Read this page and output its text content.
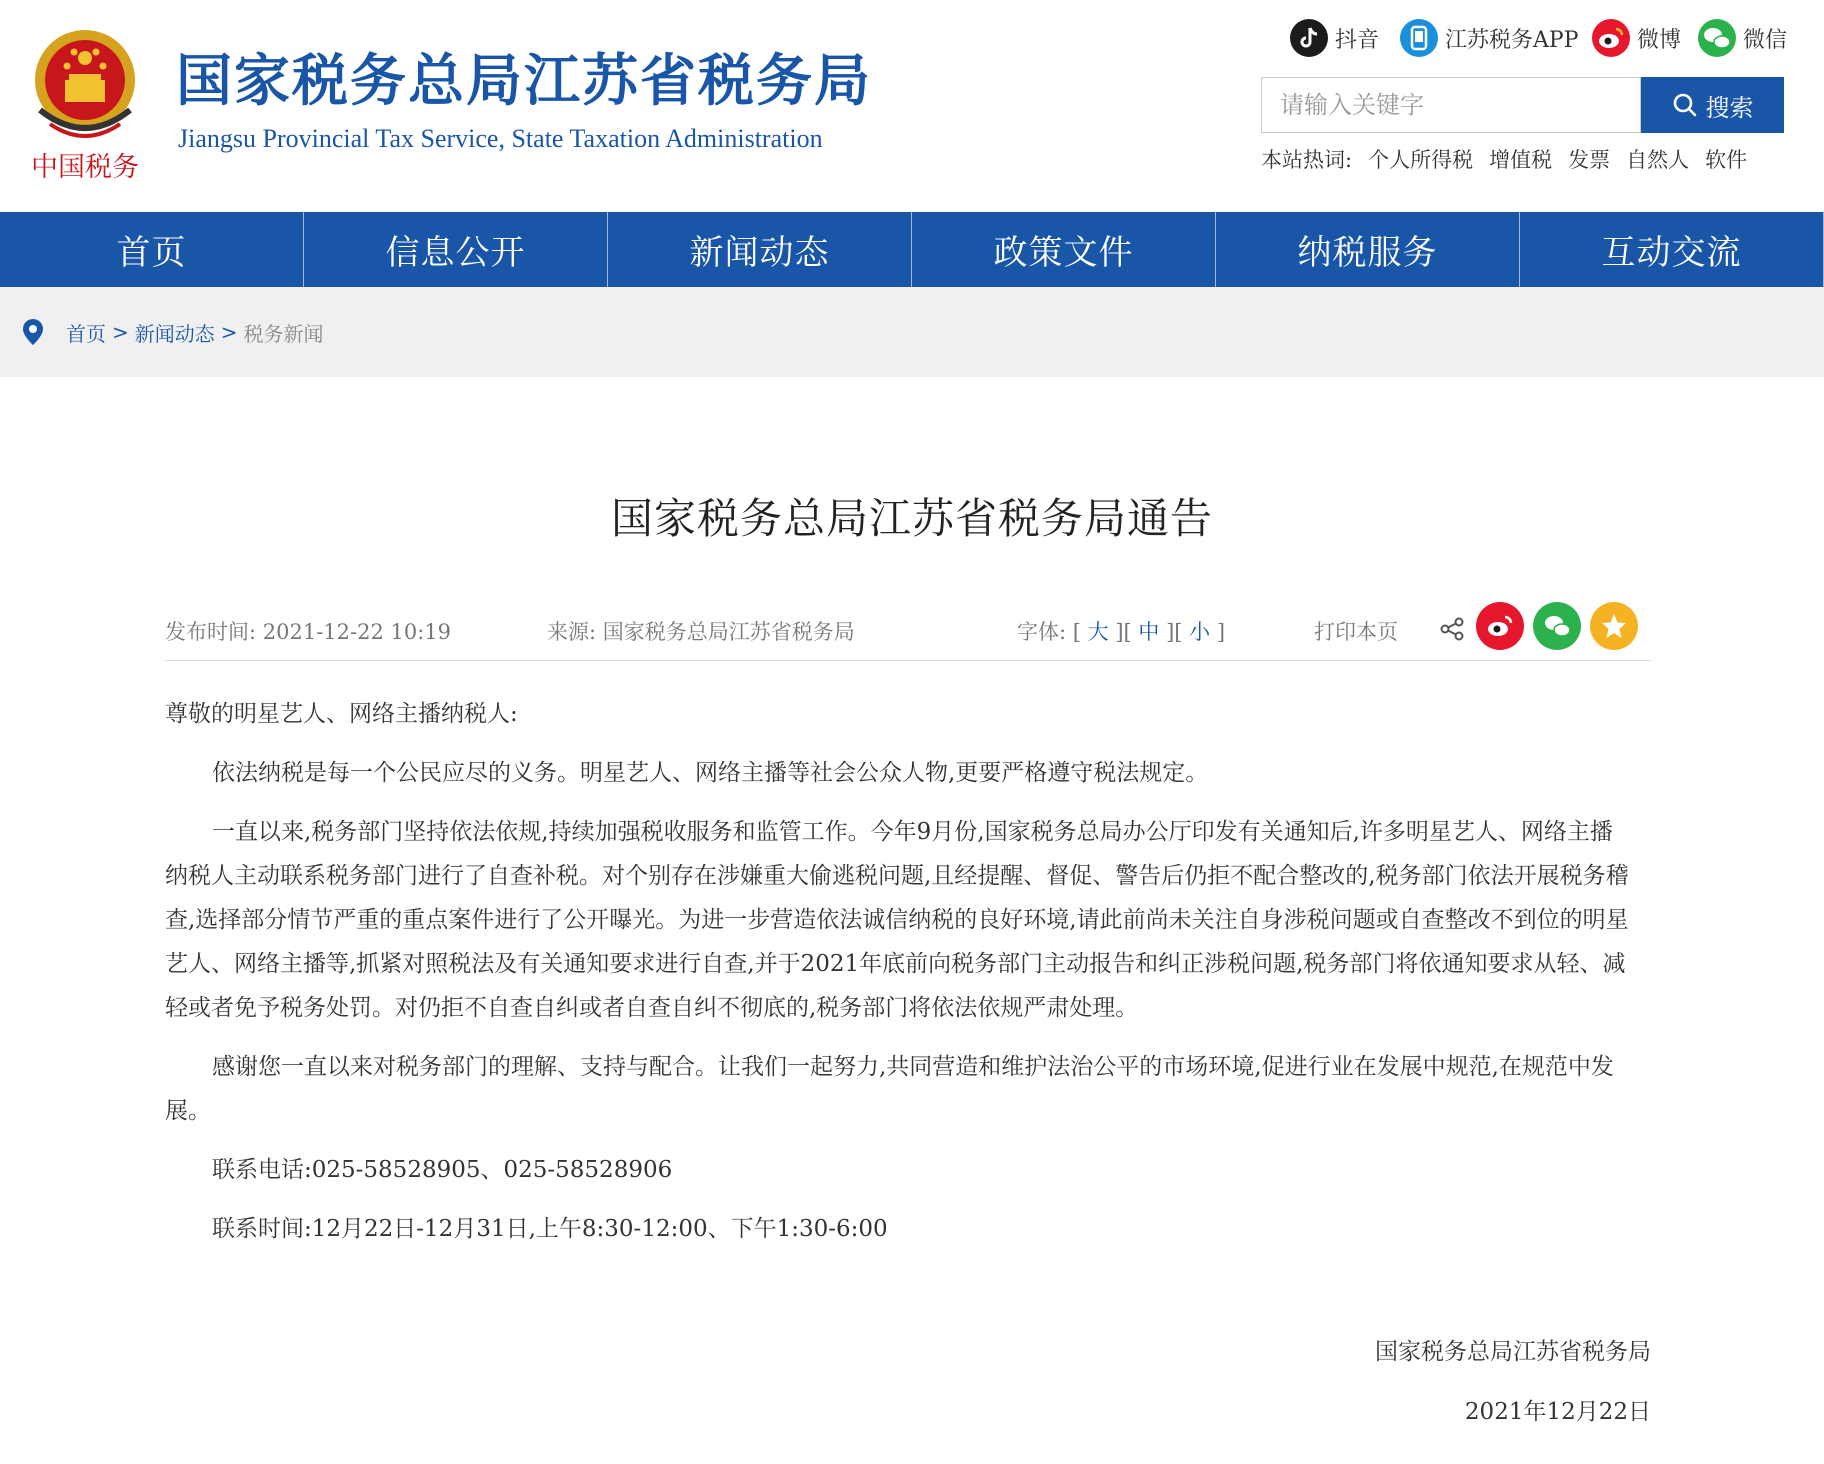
中国税务
国家税务总局江苏省税务局
Jiangsu Provincial Tax Service, State Taxation Administration
抖音	江苏税务APP	微博	微信
请输入关键字
搜索
本站热词: 个人所得税 增值税 发票 自然人 软件
首页	信息公开	新闻动态	政策文件	纳税服务	互动交流
首页 > 新闻动态 > 税务新闻
国家税务总局江苏省税务局通告
发布时间: 2021-12-22 10:19	来源: 国家税务总局江苏省税务局	字体: [ 大 ][ 中 ][ 小 ]	打印本页

尊敬的明星艺人、网络主播纳税人:

依法纳税是每一个公民应尽的义务。明星艺人、网络主播等社会公众人物,更要严格遵守税法规定。

一直以来,税务部门坚持依法依规,持续加强税收服务和监管工作。今年9月份,国家税务总局办公厅印发有关通知后,许多明星艺人、网络主播纳税人主动联系税务部门进行了自查补税。对个别存在涉嫌重大偷逃税问题,且经提醒、督促、警告后仍拒不配合整改的,税务部门依法开展税务稽查,选择部分情节严重的重点案件进行了公开曝光。为进一步营造依法诚信纳税的良好环境,请此前尚未关注自身涉税问题或自查整改不到位的明星艺人、网络主播等,抓紧对照税法及有关通知要求进行自查,并于2021年底前向税务部门主动报告和纠正涉税问题,税务部门将依通知要求从轻、减轻或者免予税务处罚。对仍拒不自查自纠或者自查自纠不彻底的,税务部门将依法依规严肃处理。

感谢您一直以来对税务部门的理解、支持与配合。让我们一起努力,共同营造和维护法治公平的市场环境,促进行业在发展中规范,在规范中发展。

联系电话:025-58528905、025-58528906

联系时间:12月22日-12月31日,上午8:30-12:00、下午1:30-6:00

国家税务总局江苏省税务局
2021年12月22日
